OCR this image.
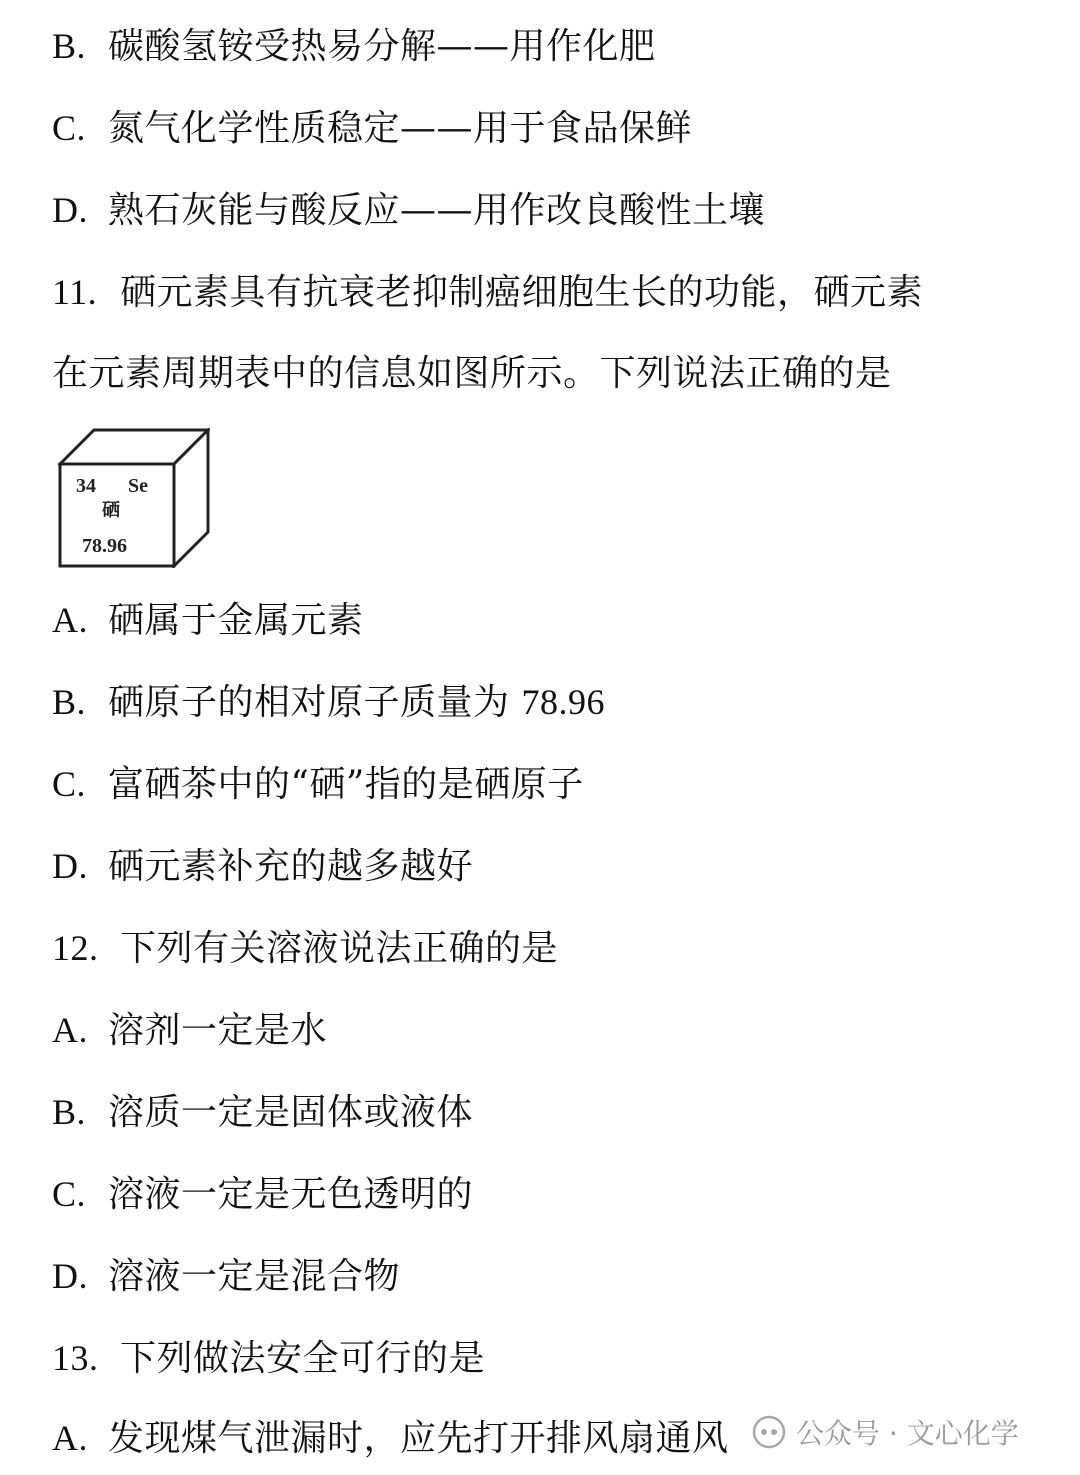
B. 碳酸氢铵受热易分解——用作化肥
C. 氮气化学性质稳定——用于食品保鲜
D. 熟石灰能与酸反应——用作改良酸性土壤
11. 硒元素具有抗衰老抑制癌细胞生长的功能，硒元素
在元素周期表中的信息如图所示。下列说法正确的是
34 Se
硒
78.96
A. 硒属于金属元素
B. 硒原子的相对原子质量为 78.96
C. 富硒茶中的“硒”指的是硒原子
D. 硒元素补充的越多越好
12. 下列有关溶液说法正确的是
A. 溶剂一定是水
B. 溶质一定是固体或液体
C. 溶液一定是无色透明的
D. 溶液一定是混合物
13. 下列做法安全可行的是
A. 发现煤气泄漏时，应先打开排风扇通风 公众号 · 文心化学
